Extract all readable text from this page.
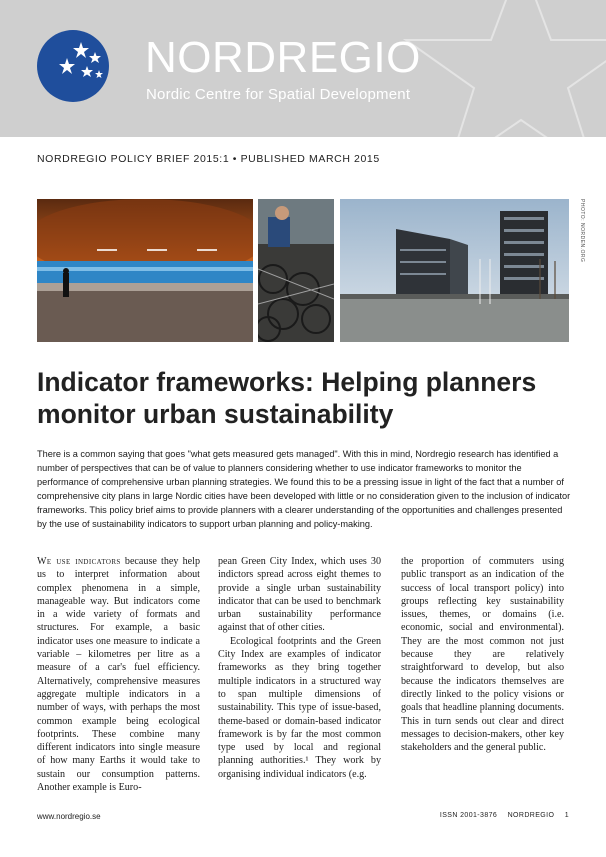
NORDREGIO
Nordic Centre for Spatial Development
NORDREGIO POLICY BRIEF 2015:1 • PUBLISHED MARCH 2015
PHOTO: NORDEN.ORG
Indicator frameworks: Helping planners monitor urban sustainability

There is a common saying that goes "what gets measured gets managed". With this in mind, Nordregio research has identified a number of perspectives that can be of value to planners considering whether to use indicator frameworks to monitor the performance of comprehensive urban planning strategies. We found this to be a pressing issue in light of the fact that a number of comprehensive city plans in large Nordic cities have been developed with little or no consideration given to the inclusion of indicator frameworks. This policy brief aims to provide planners with a clearer understanding of the opportunities and challenges presented by the use of sustainability indicators to support urban planning and policy-making.

We use indicators because they help us to interpret information about complex phenomena in a simple, manageable way. But indicators come in a wide variety of formats and structures. For example, a basic indicator uses one measure to indicate a variable – kilometres per litre as a measure of a car's fuel efficiency. Alternatively, comprehensive measures aggregate multiple indicators in a number of ways, with perhaps the most common example being ecological footprints. These combine many different indicators into single measure of how many Earths it would take to sustain our consumption patterns. Another example is Euro-

pean Green City Index, which uses 30 indictors spread across eight themes to provide a single urban sustainability indicator that can be used to benchmark urban sustainability performance against that of other cities.

Ecological footprints and the Green City Index are examples of indicator frameworks as they bring together multiple indicators in a structured way to span multiple dimensions of sustainability. This type of issue-based, theme-based or domain-based indicator framework is by far the most common type used by local and regional planning authorities.¹ They work by organising individual indicators (e.g.

the proportion of commuters using public transport as an indication of the success of local transport policy) into groups reflecting key sustainability issues, themes, or domains (i.e. economic, social and environmental). They are the most common not just because they are relatively straightforward to develop, but also because the indicators themselves are directly linked to the policy visions or goals that headline planning documents. This in turn sends out clear and direct messages to decision-makers, other key stakeholders and the general public.

www.nordregio.se	ISSN 2001-3876 NORDREGIO 1
